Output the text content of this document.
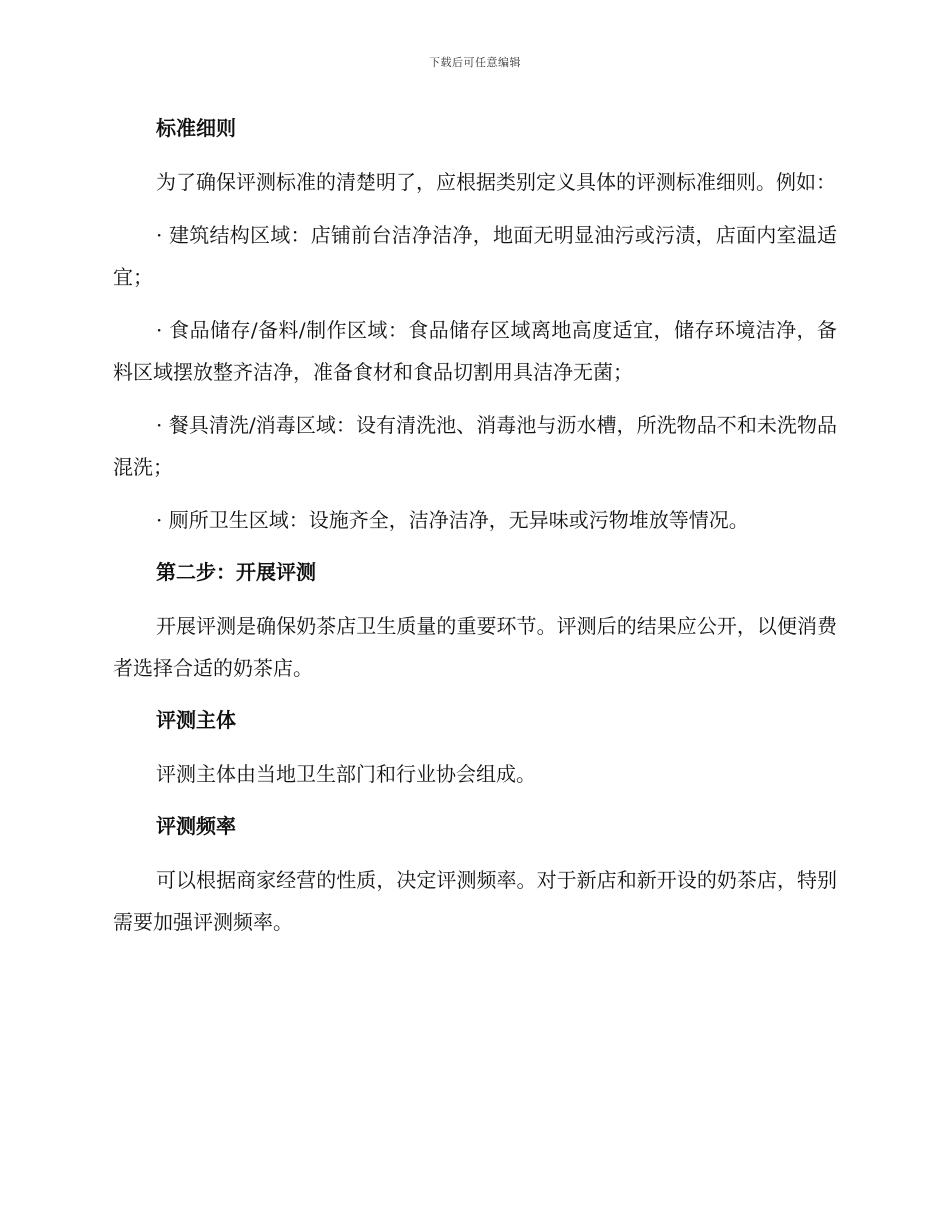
下载后可任意编辑
标准细则

为了确保评测标准的清楚明了，应根据类别定义具体的评测标准细则。例如：

· 建筑结构区域：店铺前台洁净洁净，地面无明显油污或污渍，店面内室温适宜；

· 食品储存/备料/制作区域：食品储存区域离地高度适宜，储存环境洁净，备料区域摆放整齐洁净，准备食材和食品切割用具洁净无菌；

· 餐具清洗/消毒区域：设有清洗池、消毒池与沥水槽，所洗物品不和未洗物品混洗；

· 厕所卫生区域：设施齐全，洁净洁净，无异味或污物堆放等情况。

第二步：开展评测

开展评测是确保奶茶店卫生质量的重要环节。评测后的结果应公开，以便消费者选择合适的奶茶店。

评测主体

评测主体由当地卫生部门和行业协会组成。

评测频率

可以根据商家经营的性质，决定评测频率。对于新店和新开设的奶茶店，特别需要加强评测频率。
